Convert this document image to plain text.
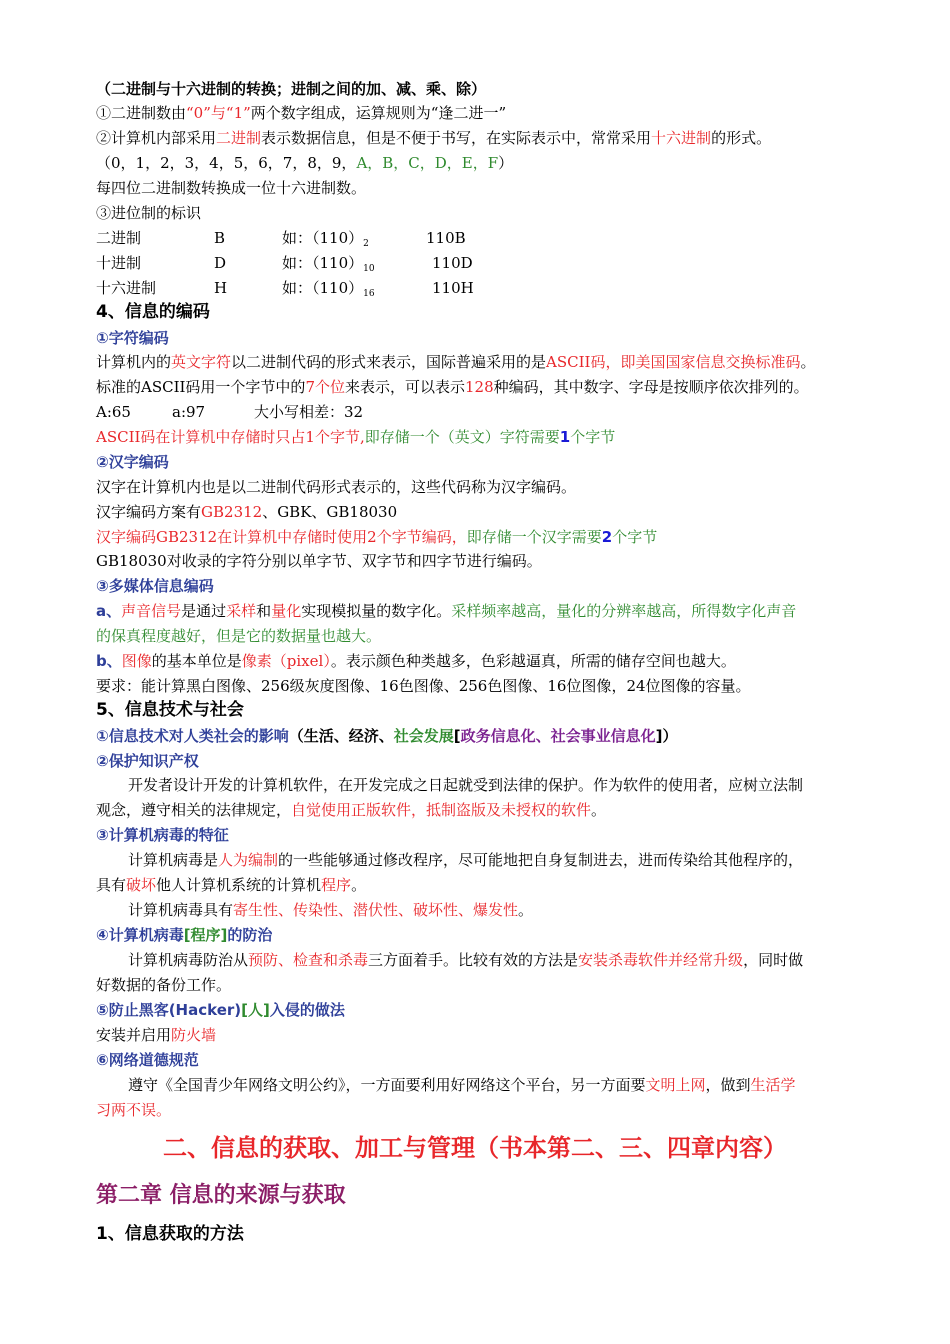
（二进制与十六进制的转换；进制之间的加、减、乘、除）
①二进制数由“0”与“1”两个数字组成，运算规则为“逢二进一”
②计算机内部采用二进制表示数据信息，但是不便于书写，在实际表示中，常常采用十六进制的形式。
（0，1，2，3，4，5，6，7，8，9，A，B，C，D，E，F）
每四位二进制数转换成一位十六进制数。
③进位制的标识
二进制	B	如：$(110)_2$	110B
十进制	D	如：$(110)_{10}$	110D
十六进制	H	如：$(110)_{16}$	110H
4、信息的编码
①字符编码
计算机内的英文字符以二进制代码的形式来表示，国际普遍采用的是ASCII码，即美国国家信息交换标准码。
标准的ASCII码用一个字节中的7个位来表示，可以表示128种编码，其中数字、字母是按顺序依次排列的。
A:65	a:97	大小写相差：32
ASCII码在计算机中存储时只占1个字节,即存储一个（英文）字符需要1个字节
②汉字编码
汉字在计算机内也是以二进制代码形式表示的，这些代码称为汉字编码。
汉字编码方案有GB2312、GBK、GB18030
汉字编码GB2312在计算机中存储时使用2个字节编码，即存储一个汉字需要2个字节
GB18030对收录的字符分别以单字节、双字节和四字节进行编码。
③多媒体信息编码
a、声音信号是通过采样和量化实现模拟量的数字化。采样频率越高，量化的分辨率越高，所得数字化声音
的保真程度越好，但是它的数据量也越大。
b、图像的基本单位是像素（pixel）。表示颜色种类越多，色彩越逼真，所需的储存空间也越大。
要求：能计算黑白图像、256级灰度图像、16色图像、256色图像、16位图像，24位图像的容量。
5、信息技术与社会
①信息技术对人类社会的影响（生活、经济、社会发展[政务信息化、社会事业信息化]）
②保护知识产权
开发者设计开发的计算机软件，在开发完成之日起就受到法律的保护。作为软件的使用者，应树立法制
观念，遵守相关的法律规定，自觉使用正版软件，抵制盗版及未授权的软件。
③计算机病毒的特征
计算机病毒是人为编制的一些能够通过修改程序，尽可能地把自身复制进去，进而传染给其他程序的，
具有破坏他人计算机系统的计算机程序。
计算机病毒具有寄生性、传染性、潜伏性、破坏性、爆发性。
④计算机病毒[程序]的防治
计算机病毒防治从预防、检查和杀毒三方面着手。比较有效的方法是安装杀毒软件并经常升级，同时做
好数据的备份工作。
⑤防止黑客(Hacker)[人]入侵的做法
安装并启用防火墙
⑥网络道德规范
遵守《全国青少年网络文明公约》，一方面要利用好网络这个平台，另一方面要文明上网，做到生活学
习两不误。
二、信息的获取、加工与管理（书本第二、三、四章内容）
第二章 信息的来源与获取
1、信息获取的方法
